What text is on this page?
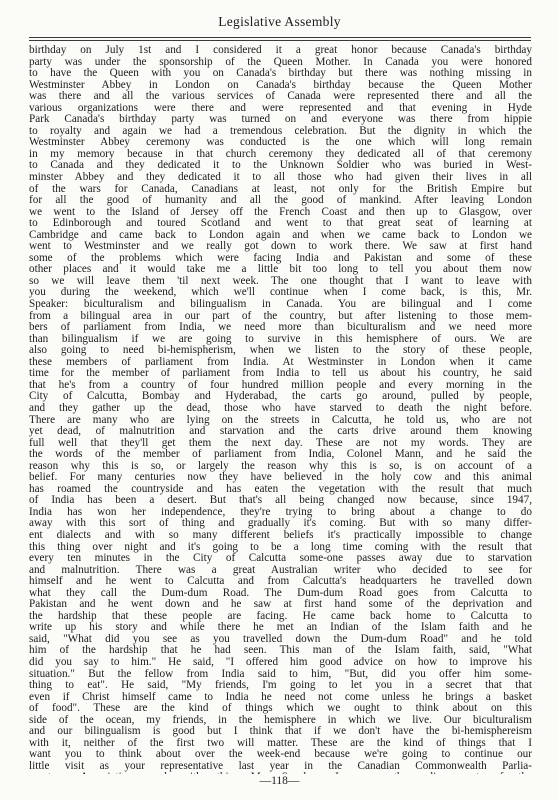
Legislative Assembly
birthday on July 1st and I considered it a great honor because Canada's birthday
party was under the sponsorship of the Queen Mother. In Canada you were honored
to have the Queen with you on Canada's birthday but there was nothing missing in
Westminster Abbey in London on Canada's birthday because the Queen Mother
was there and all the various services of Canada were represented there and all the
various organizations were there and were represented and that evening in Hyde
Park Canada's birthday party was turned on and everyone was there from hippie
to royalty and again we had a tremendous celebration. But the dignity in which the
Westminster Abbey ceremony was conducted is the one which will long remain
in my memory because in that church ceremony they dedicated all of that ceremony
to Canada and they dedicated it to the Unknown Soldier who was buried in West-
minster Abbey and they dedicated it to all those who had given their lives in all
of the wars for Canada, Canadians at least, not only for the British Empire but
for all the good of humanity and all the good of mankind. After leaving London
we went to the Island of Jersey off the French Coast and then up to Glasgow, over
to Edinborough and toured Scotland and went to that great seat of learning at
Cambridge and came back to London again and when we came back to London we
went to Westminster and we really got down to work there. We saw at first hand
some of the problems which were facing India and Pakistan and some of these
other places and it would take me a little bit too long to tell you about them now
so we will leave them 'til next week. The one thought that I want to leave with
you during the weekend, which we'll continue when I come back, is this, Mr.
Speaker: biculturalism and bilingualism in Canada. You are bilingual and I come
from a bilingual area in our part of the country, but after listening to those mem-
bers of parliament from India, we need more than biculturalism and we need more
than bilingualism if we are going to survive in this hemisphere of ours. We are
also going to need bi-hemispherism, when we listen to the story of these people,
these members of parliament from India. At Westminster in London when it came
time for the member of parliament from India to tell us about his country, he said
that he's from a country of four hundred million people and every morning in the
City of Calcutta, Bombay and Hyderabad, the carts go around, pulled by people,
and they gather up the dead, those who have starved to death the night before.
There are many who are lying on the streets in Calcutta, he told us, who are not
yet dead, of malnutrition and starvation and the carts drive around them knowing
full well that they'll get them the next day. These are not my words. They are
the words of the member of parliament from India, Colonel Mann, and he said the
reason why this is so, or largely the reason why this is so, is on account of a
belief. For many centuries now they have believed in the holy cow and this animal
has roamed the countryside and has eaten the vegetation with the result that much
of India has been a desert. But that's all being changed now because, since 1947,
India has won her independence, they're trying to bring about a change to do
away with this sort of thing and gradually it's coming. But with so many differ-
ent dialects and with so many different beliefs it's practically impossible to change
this thing over night and it's going to be a long time coming with the result that
every ten minutes in the City of Calcutta some-one passes away due to starvation
and malnutrition. There was a great Australian writer who decided to see for
himself and he went to Calcutta and from Calcutta's headquarters he travelled down
what they call the Dum-dum Road. The Dum-dum Road goes from Calcutta to
Pakistan and he went down and he saw at first hand some of the deprivation and
the hardship that these people are facing. He came back home to Calcutta to
write up his story and while there he met an Indian of the Islam faith and he
said, "What did you see as you travelled down the Dum-dum Road" and he told
him of the hardship that he had seen. This man of the Islam faith, said, "What
did you say to him." He said, "I offered him good advice on how to improve his
situation." But the fellow from India said to him, "But, did you offer him some-
thing to eat". He said, "My friends, I'm going to let you in a secret that that
even if Christ himself came to India he need not come unless he brings a basket
of food". These are the kind of things which we ought to think about on this
side of the ocean, my friends, in the hemisphere in which we live. Our biculturalism
and our bilingualism is good but I think that if we don't have the bi-hemisphereism
with it, neither of the first two will matter. These are the kind of things that I
want you to think about over the week-end because we're going to continue our
little visit as your representative last year in the Canadian Commonwealth Parlia-
—118—
